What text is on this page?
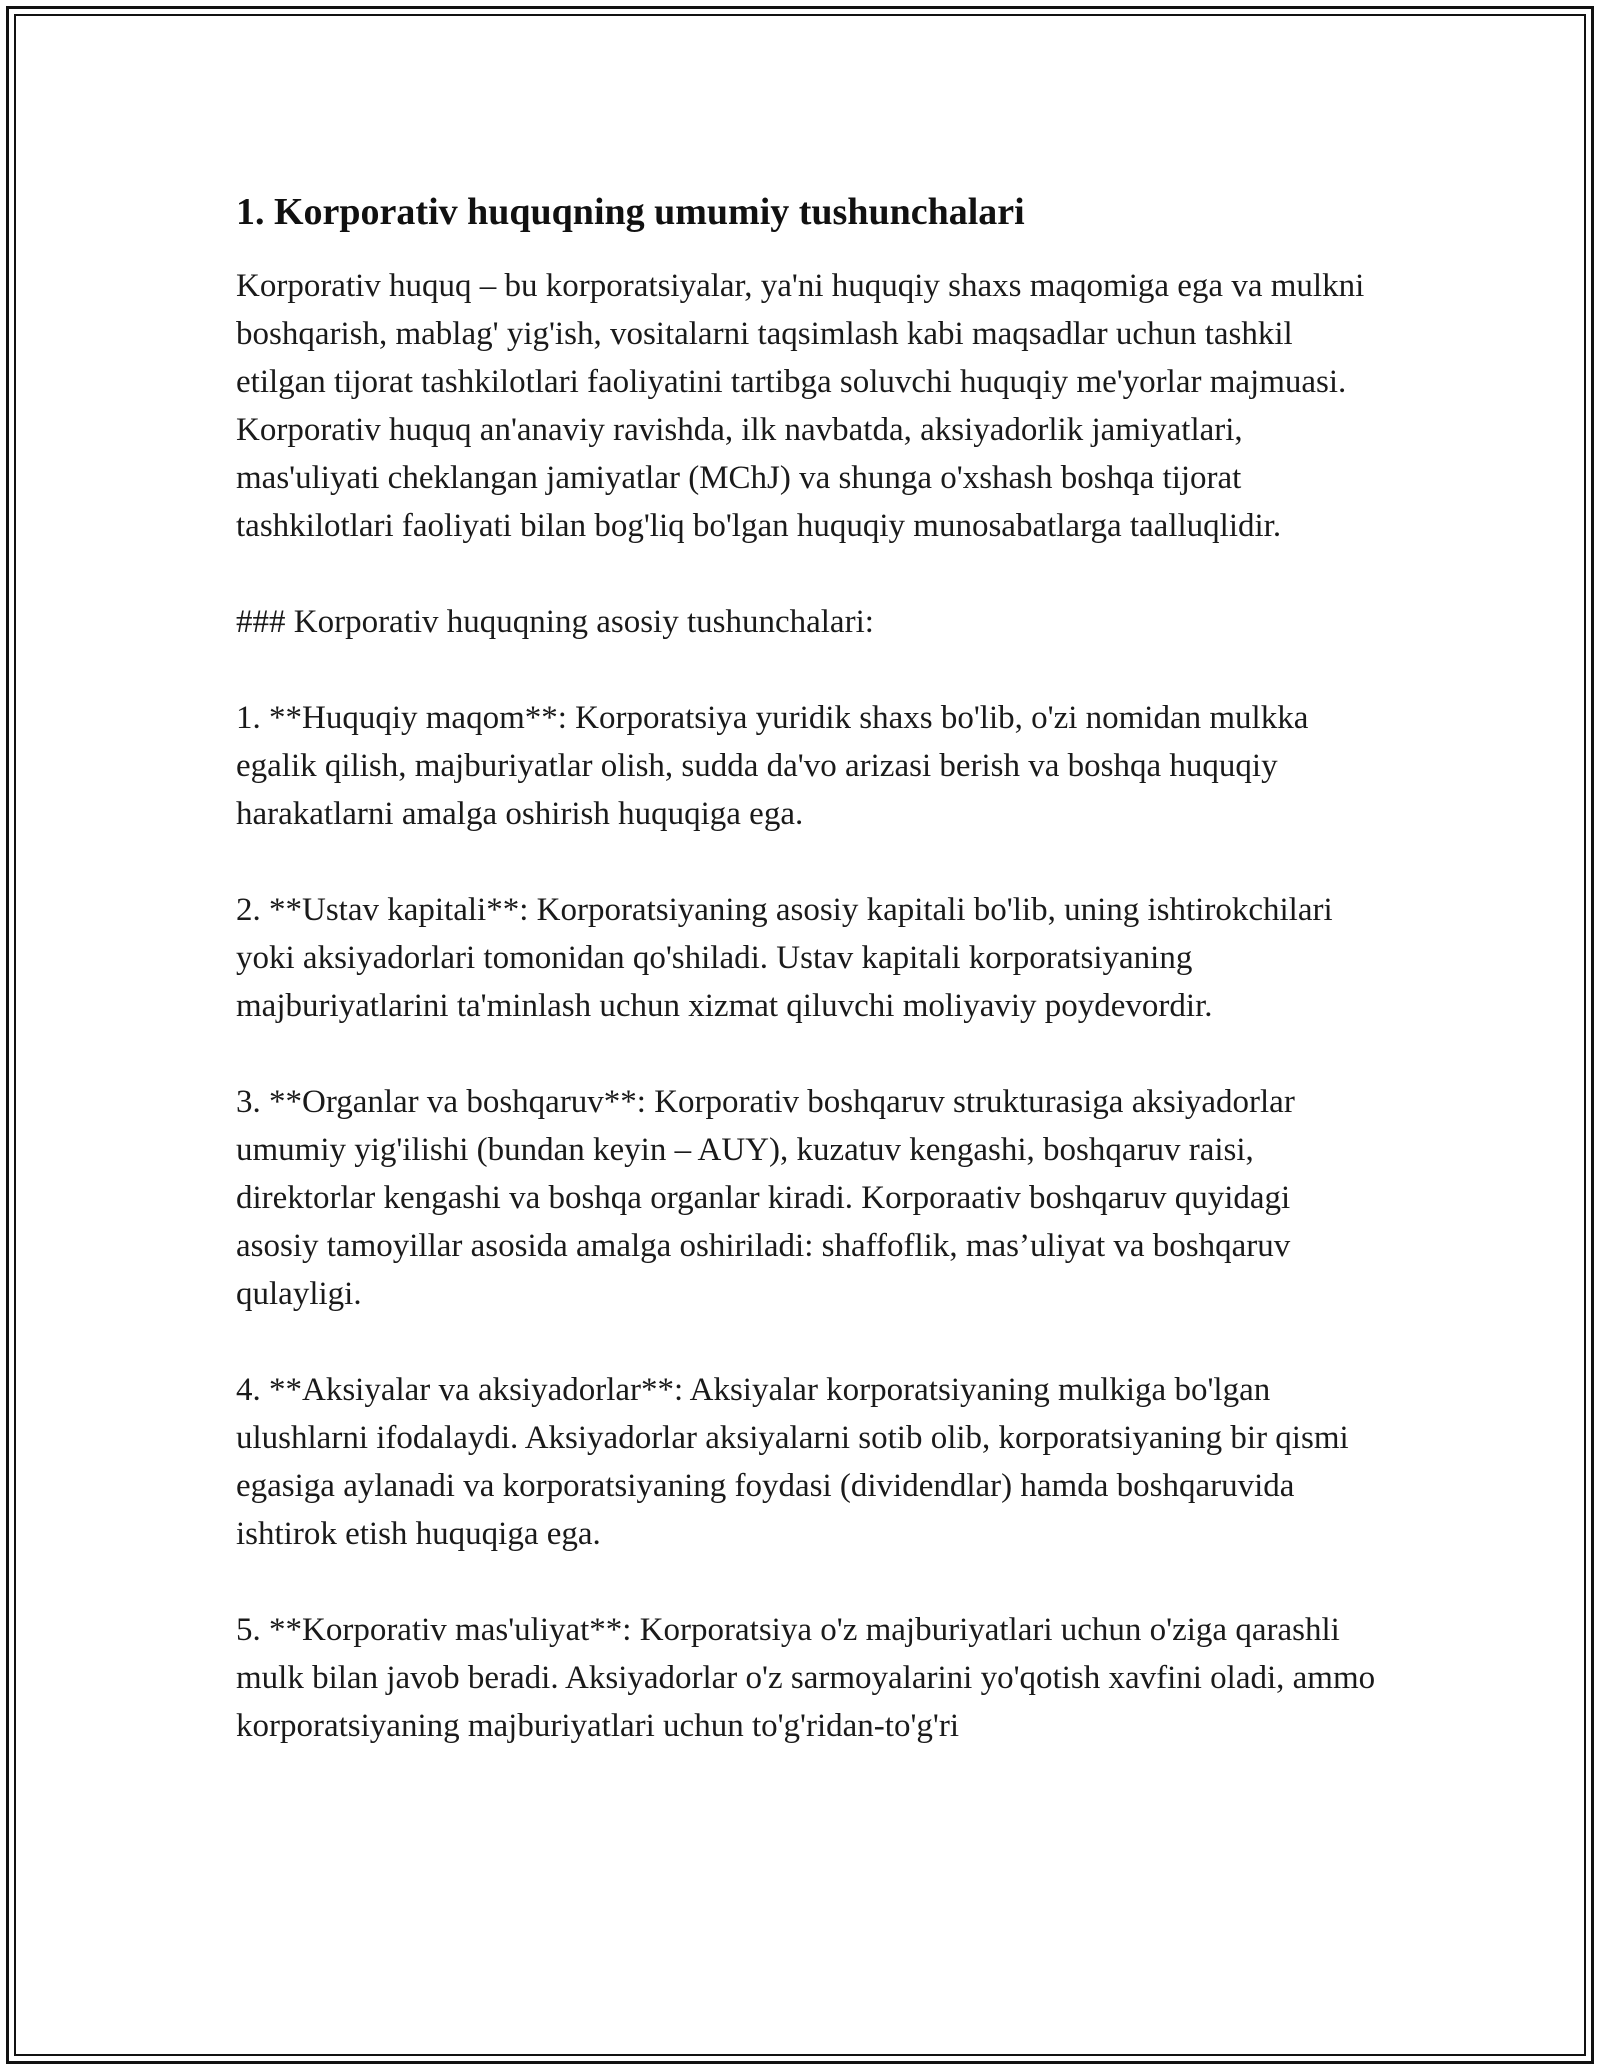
1. Korporativ huquqning umumiy tushunchalari

Korporativ huquq – bu korporatsiyalar, ya'ni huquqiy shaxs maqomiga ega va mulkni boshqarish, mablag' yig'ish, vositalarni taqsimlash kabi maqsadlar uchun tashkil etilgan tijorat tashkilotlari faoliyatini tartibga soluvchi huquqiy me'yorlar majmuasi. Korporativ huquq an'anaviy ravishda, ilk navbatda, aksiyadorlik jamiyatlari, mas'uliyati cheklangan jamiyatlar (MChJ) va shunga o'xshash boshqa tijorat tashkilotlari faoliyati bilan bog'liq bo'lgan huquqiy munosabatlarga taalluqlidir.

### Korporativ huquqning asosiy tushunchalari:

1. **Huquqiy maqom**: Korporatsiya yuridik shaxs bo'lib, o'zi nomidan mulkka egalik qilish, majburiyatlar olish, sudda da'vo arizasi berish va boshqa huquqiy harakatlarni amalga oshirish huquqiga ega.

2. **Ustav kapitali**: Korporatsiyaning asosiy kapitali bo'lib, uning ishtirokchilari yoki aksiyadorlari tomonidan qo'shiladi. Ustav kapitali korporatsiyaning majburiyatlarini ta'minlash uchun xizmat qiluvchi moliyaviy poydevordir.

3. **Organlar va boshqaruv**: Korporativ boshqaruv strukturasiga aksiyadorlar umumiy yig'ilishi (bundan keyin – AUY), kuzatuv kengashi, boshqaruv raisi, direktorlar kengashi va boshqa organlar kiradi. Korporaativ boshqaruv quyidagi asosiy tamoyillar asosida amalga oshiriladi: shaffoflik, mas’uliyat va boshqaruv qulayligi.

4. **Aksiyalar va aksiyadorlar**: Aksiyalar korporatsiyaning mulkiga bo'lgan ulushlarni ifodalaydi. Aksiyadorlar aksiyalarni sotib olib, korporatsiyaning bir qismi egasiga aylanadi va korporatsiyaning foydasi (dividendlar) hamda boshqaruvida ishtirok etish huquqiga ega.

5. **Korporativ mas'uliyat**: Korporatsiya o'z majburiyatlari uchun o'ziga qarashli mulk bilan javob beradi. Aksiyadorlar o'z sarmoyalarini yo'qotish xavfini oladi, ammo korporatsiyaning majburiyatlari uchun to'g'ridan-to'g'ri
